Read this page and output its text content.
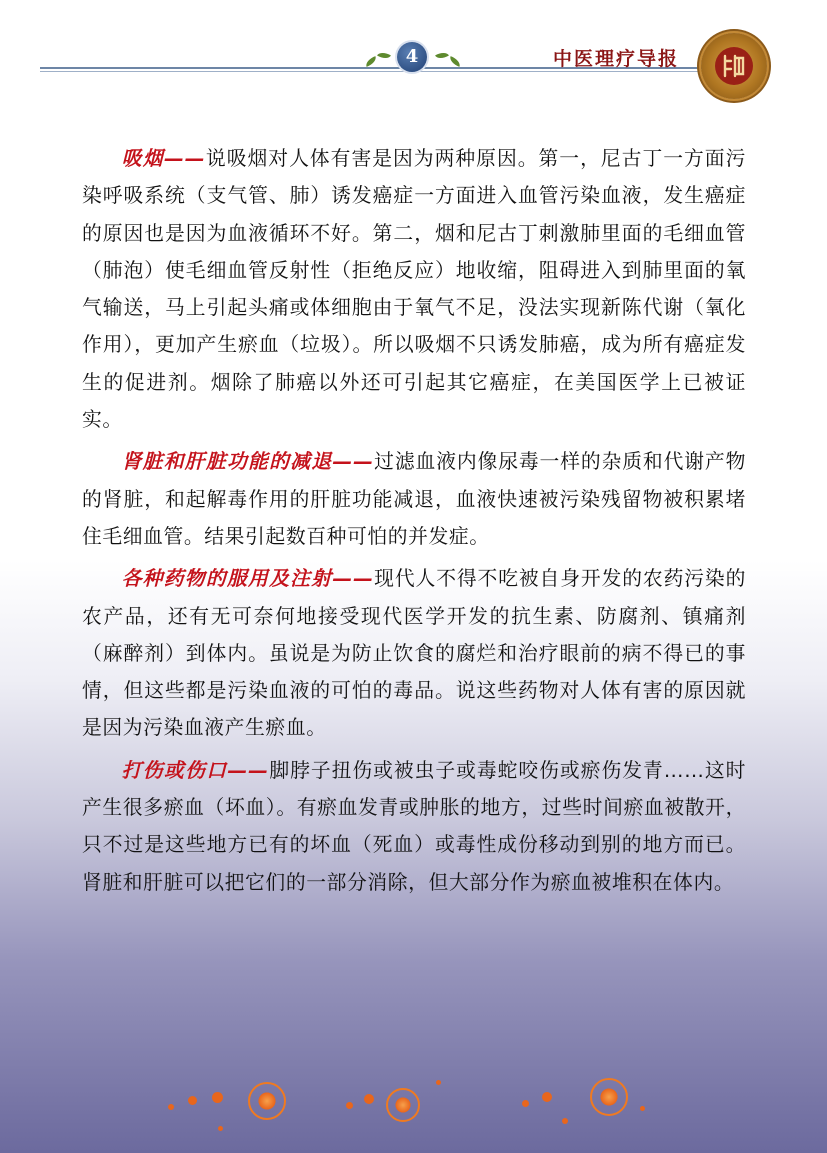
4	中医理疗导报

吸烟——说吸烟对人体有害是因为两种原因。第一，尼古丁一方面污染呼吸系统（支气管、肺）诱发癌症一方面进入血管污染血液，发生癌症的原因也是因为血液循环不好。第二，烟和尼古丁刺激肺里面的毛细血管（肺泡）使毛细血管反射性（拒绝反应）地收缩，阻碍进入到肺里面的氧气输送，马上引起头痛或体细胞由于氧气不足，没法实现新陈代谢（氧化作用），更加产生瘀血（垃圾）。所以吸烟不只诱发肺癌，成为所有癌症发生的促进剂。烟除了肺癌以外还可引起其它癌症，在美国医学上已被证实。

肾脏和肝脏功能的减退——过滤血液内像尿毒一样的杂质和代谢产物的肾脏，和起解毒作用的肝脏功能减退，血液快速被污染残留物被积累堵住毛细血管。结果引起数百种可怕的并发症。

各种药物的服用及注射——现代人不得不吃被自身开发的农药污染的农产品，还有无可奈何地接受现代医学开发的抗生素、防腐剂、镇痛剂（麻醉剂）到体内。虽说是为防止饮食的腐烂和治疗眼前的病不得已的事情，但这些都是污染血液的可怕的毒品。说这些药物对人体有害的原因就是因为污染血液产生瘀血。

打伤或伤口——脚脖子扭伤或被虫子或毒蛇咬伤或瘀伤发青……这时产生很多瘀血（坏血）。有瘀血发青或肿胀的地方，过些时间瘀血被散开，只不过是这些地方已有的坏血（死血）或毒性成份移动到别的地方而已。肾脏和肝脏可以把它们的一部分消除，但大部分作为瘀血被堆积在体内。
